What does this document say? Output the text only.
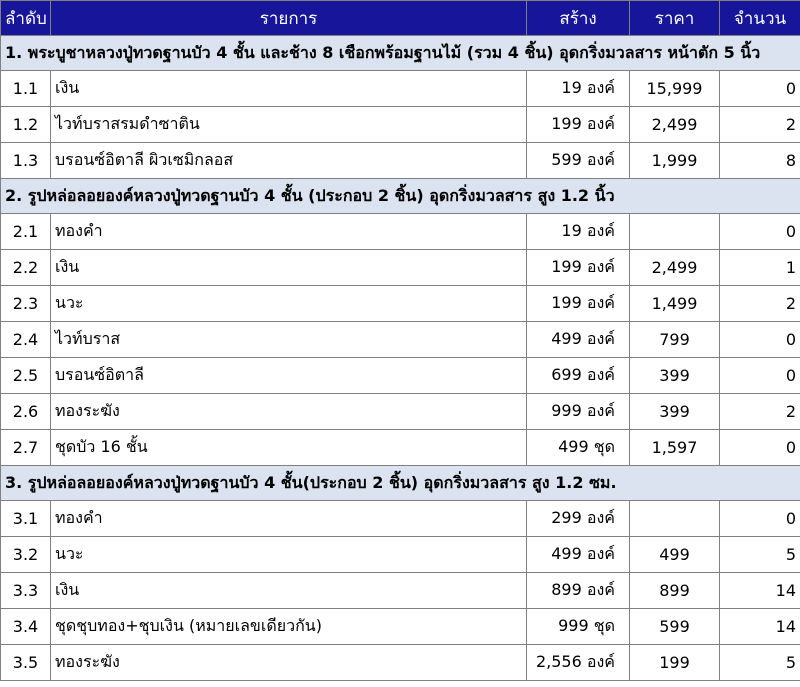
ลำดับ	รายการ	สร้าง	ราคา	จำนวน
1. พระบูชาหลวงปู่ทวดฐานบัว 4 ชั้น และช้าง 8 เชือกพร้อมฐานไม้ (รวม 4 ชิ้น) อุดกริ่งมวลสาร หน้าตัก 5 นิ้ว				
1.1	เงิน	19 องค์	15,999	0
1.2	ไวท์บราสรมดำซาติน	199 องค์	2,499	2
1.3	บรอนซ์อิตาลี ผิวเซมิกลอส	599 องค์	1,999	8
2. รูปหล่อลอยองค์หลวงปู่ทวดฐานบัว 4 ชั้น (ประกอบ 2 ชิ้น) อุดกริ่งมวลสาร สูง 1.2 นิ้ว				
2.1	ทองคำ	19 องค์		0
2.2	เงิน	199 องค์	2,499	1
2.3	นวะ	199 องค์	1,499	2
2.4	ไวท์บราส	499 องค์	799	0
2.5	บรอนซ์อิตาลี	699 องค์	399	0
2.6	ทองระฆัง	999 องค์	399	2
2.7	ชุดบัว 16 ชั้น	499 ชุด	1,597	0
3. รูปหล่อลอยองค์หลวงปู่ทวดฐานบัว 4 ชั้น(ประกอบ 2 ชิ้น) อุดกริ่งมวลสาร สูง 1.2 ซม.				
3.1	ทองคำ	299 องค์		0
3.2	นวะ	499 องค์	499	5
3.3	เงิน	899 องค์	899	14
3.4	ชุดชุบทอง+ชุบเงิน (หมายเลขเดียวกัน)	999 ชุด	599	14
3.5	ทองระฆัง	2,556 องค์	199	5
